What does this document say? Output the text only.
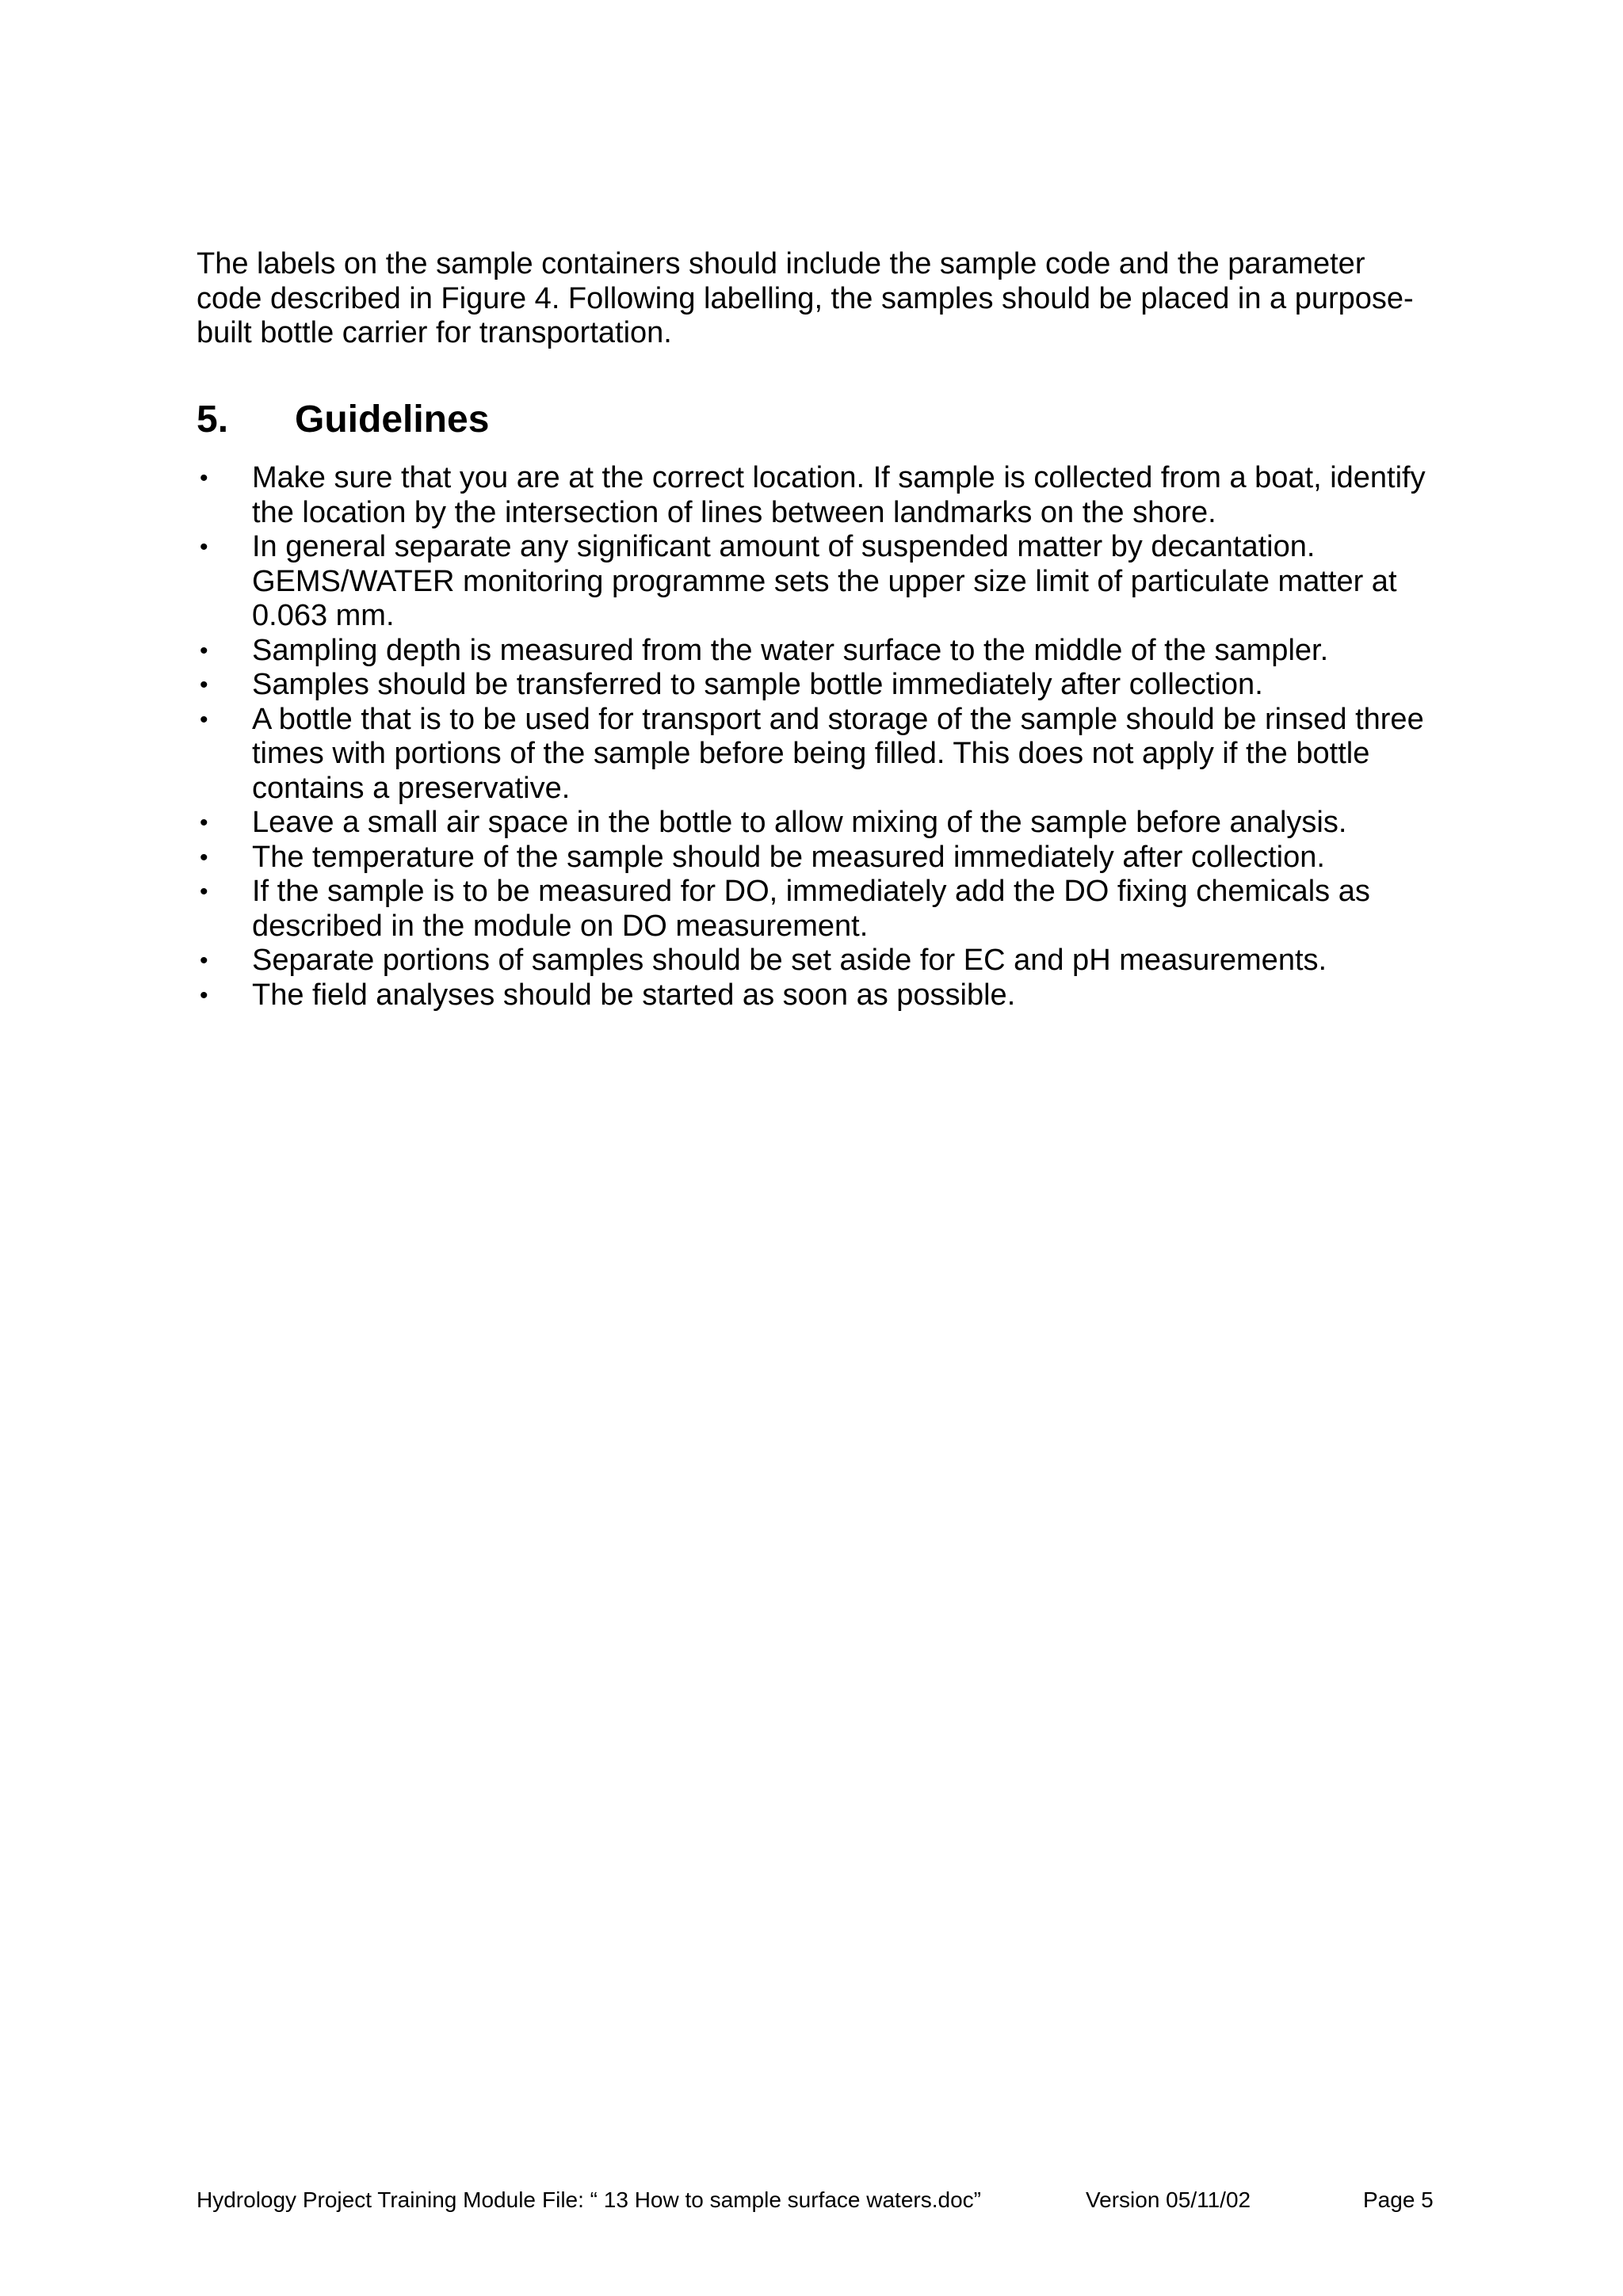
The labels on the sample containers should include the sample code and the parameter code described in Figure 4. Following labelling, the samples should be placed in a purpose-built bottle carrier for transportation.

5. Guidelines
•	Make sure that you are at the correct location. If sample is collected from a boat, identify the location by the intersection of lines between landmarks on the shore.
•	In general separate any significant amount of suspended matter by decantation. GEMS/WATER monitoring programme sets the upper size limit of particulate matter at 0.063 mm.
•	Sampling depth is measured from the water surface to the middle of the sampler.
•	Samples should be transferred to sample bottle immediately after collection.
•	A bottle that is to be used for transport and storage of the sample should be rinsed three times with portions of the sample before being filled. This does not apply if the bottle contains a preservative.
•	Leave a small air space in the bottle to allow mixing of the sample before analysis.
•	The temperature of the sample should be measured immediately after collection.
•	If the sample is to be measured for DO, immediately add the DO fixing chemicals as described in the module on DO measurement.
•	Separate portions of samples should be set aside for EC and pH measurements.
•	The field analyses should be started as soon as possible.
Hydrology Project Training Module File: “ 13 How to sample surface waters.doc”	Version 05/11/02	Page 5
